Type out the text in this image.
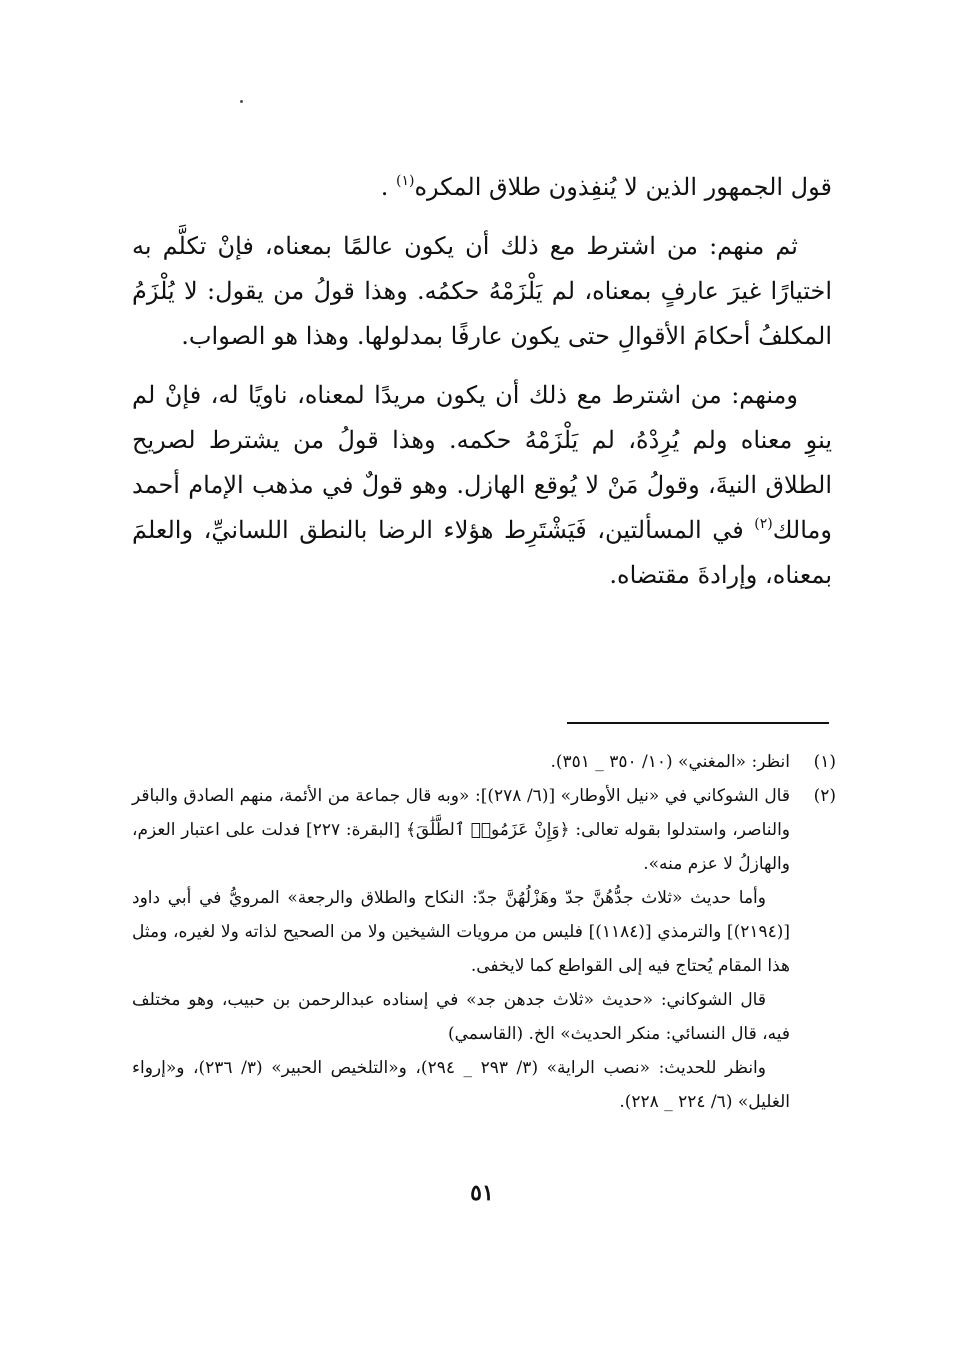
قول الجمهور الذين لا يُنفِذون طلاق المكره$^{(١)}$ .

ثم منهم: من اشترط مع ذلك أن يكون عالمًا بمعناه، فإنْ تكلَّم به اختيارًا غيرَ عارفٍ بمعناه، لم يَلْزَمْهُ حكمُه. وهذا قولُ من يقول: لا يُلْزَمُ المكلفُ أحكامَ الأقوالِ حتى يكون عارفًا بمدلولها. وهذا هو الصواب.

ومنهم: من اشترط مع ذلك أن يكون مريدًا لمعناه، ناويًا له، فإنْ لم ينوِ معناه ولم يُرِدْهُ، لم يَلْزَمْهُ حكمه. وهذا قولُ من يشترط لصريح الطلاق النيةَ، وقولُ مَنْ لا يُوقع الهازل. وهو قولٌ في مذهب الإمام أحمد ومالك$^{(٢)}$ في المسألتين، فَيَشْتَرِط هؤلاء الرضا بالنطق اللسانيِّ، والعلمَ بمعناه، وإرادةَ مقتضاه.

(١)

انظر: «المغني» (١٠/ ٣٥٠ _ ٣٥١).

(٢)

قال الشوكاني في «نيل الأوطار» [(٦/ ٢٧٨)]: «وبه قال جماعة من الأئمة، منهم الصادق والباقر والناصر، واستدلوا بقوله تعالى: ﴿وَإِنْ عَزَمُوا۟ ٱلطَّلَٰقَ﴾ [البقرة: ٢٢٧] فدلت على اعتبار العزم، والهازلُ لا عزم منه».

وأما حديث «ثلاث جدُّهُنَّ جدّ وهَزْلُهُنَّ جدّ: النكاح والطلاق والرجعة» المرويُّ في أبي داود [(٢١٩٤)] والترمذي [(١١٨٤)] فليس من مرويات الشيخين ولا من الصحيح لذاته ولا لغيره، ومثل هذا المقام يُحتاج فيه إلى القواطع كما لايخفى.

قال الشوكاني: «حديث «ثلاث جدهن جد» في إسناده عبدالرحمن بن حبيب، وهو مختلف فيه، قال النسائي: منكر الحديث» الخ. (القاسمي)

وانظر للحديث: «نصب الراية» (٣/ ٢٩٣ _ ٢٩٤)، و«التلخيص الحبير» (٣/ ٢٣٦)، و«إرواء الغليل» (٦/ ٢٢٤ _ ٢٢٨).

٥١
